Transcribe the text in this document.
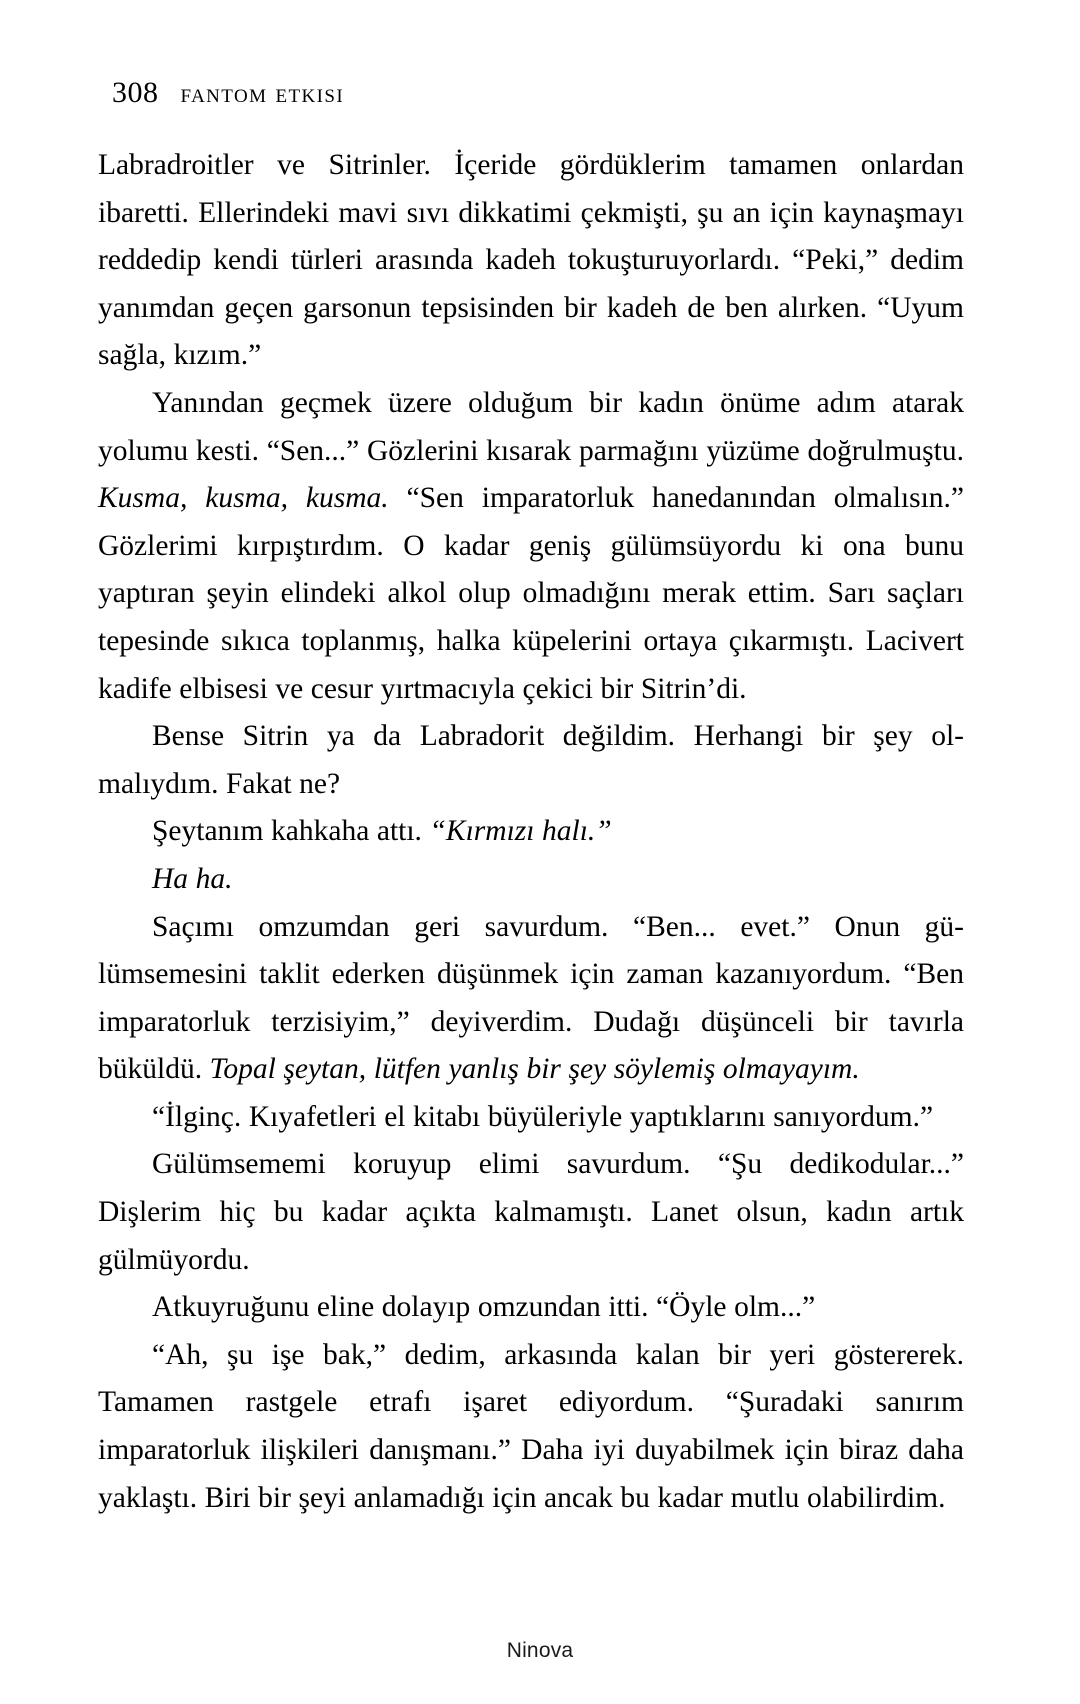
308 fantom etkisi

Labradroitler ve Sitrinler. İçeride gördüklerim tamamen onlardan ibaretti. Ellerindeki mavi sıvı dikkatimi çekmişti, şu an için kaynaşmayı reddedip kendi türleri arasında kadeh tokuşturuyorlardı. “Peki,” dedim yanımdan geçen garsonun tepsisinden bir kadeh de ben alırken. “Uyum sağla, kızım.”

Yanından geçmek üzere olduğum bir kadın önüme adım atarak yolumu kesti. “Sen...” Gözlerini kısarak parmağını yüzüme doğrulmuştu. Kusma, kusma, kusma. “Sen imparatorluk hanedanından olmalısın.” Gözlerimi kırpıştırdım. O kadar geniş gülümsüyordu ki ona bunu yaptıran şeyin elindeki alkol olup olmadığını merak ettim. Sarı saçları tepesinde sıkıca toplanmış, halka küpelerini ortaya çıkarmıştı. Lacivert kadife elbisesi ve cesur yırtmacıyla çekici bir Sitrin’di.

Bense Sitrin ya da Labradorit değildim. Herhangi bir şey olmalıydım. Fakat ne?

Şeytanım kahkaha attı. “Kırmızı halı.”

Ha ha.

Saçımı omzumdan geri savurdum. “Ben... evet.” Onun gülümsemesini taklit ederken düşünmek için zaman kazanıyordum. “Ben imparatorluk terzisiyim,” deyiverdim. Dudağı düşünceli bir tavırla büküldü. Topal şeytan, lütfen yanlış bir şey söylemiş olmayayım.

“İlginç. Kıyafetleri el kitabı büyüleriyle yaptıklarını sanıyordum.”

Gülümsememi koruyup elimi savurdum. “Şu dedikodular...” Dişlerim hiç bu kadar açıkta kalmamıştı. Lanet olsun, kadın artık gülmüyordu.

Atkuyruğunu eline dolayıp omzundan itti. “Öyle olm...”

“Ah, şu işe bak,” dedim, arkasında kalan bir yeri göstererek. Tamamen rastgele etrafı işaret ediyordum. “Şuradaki sanırım imparatorluk ilişkileri danışmanı.” Daha iyi duyabilmek için biraz daha yaklaştı. Biri bir şeyi anlamadığı için ancak bu kadar mutlu olabilirdim.

Ninova
